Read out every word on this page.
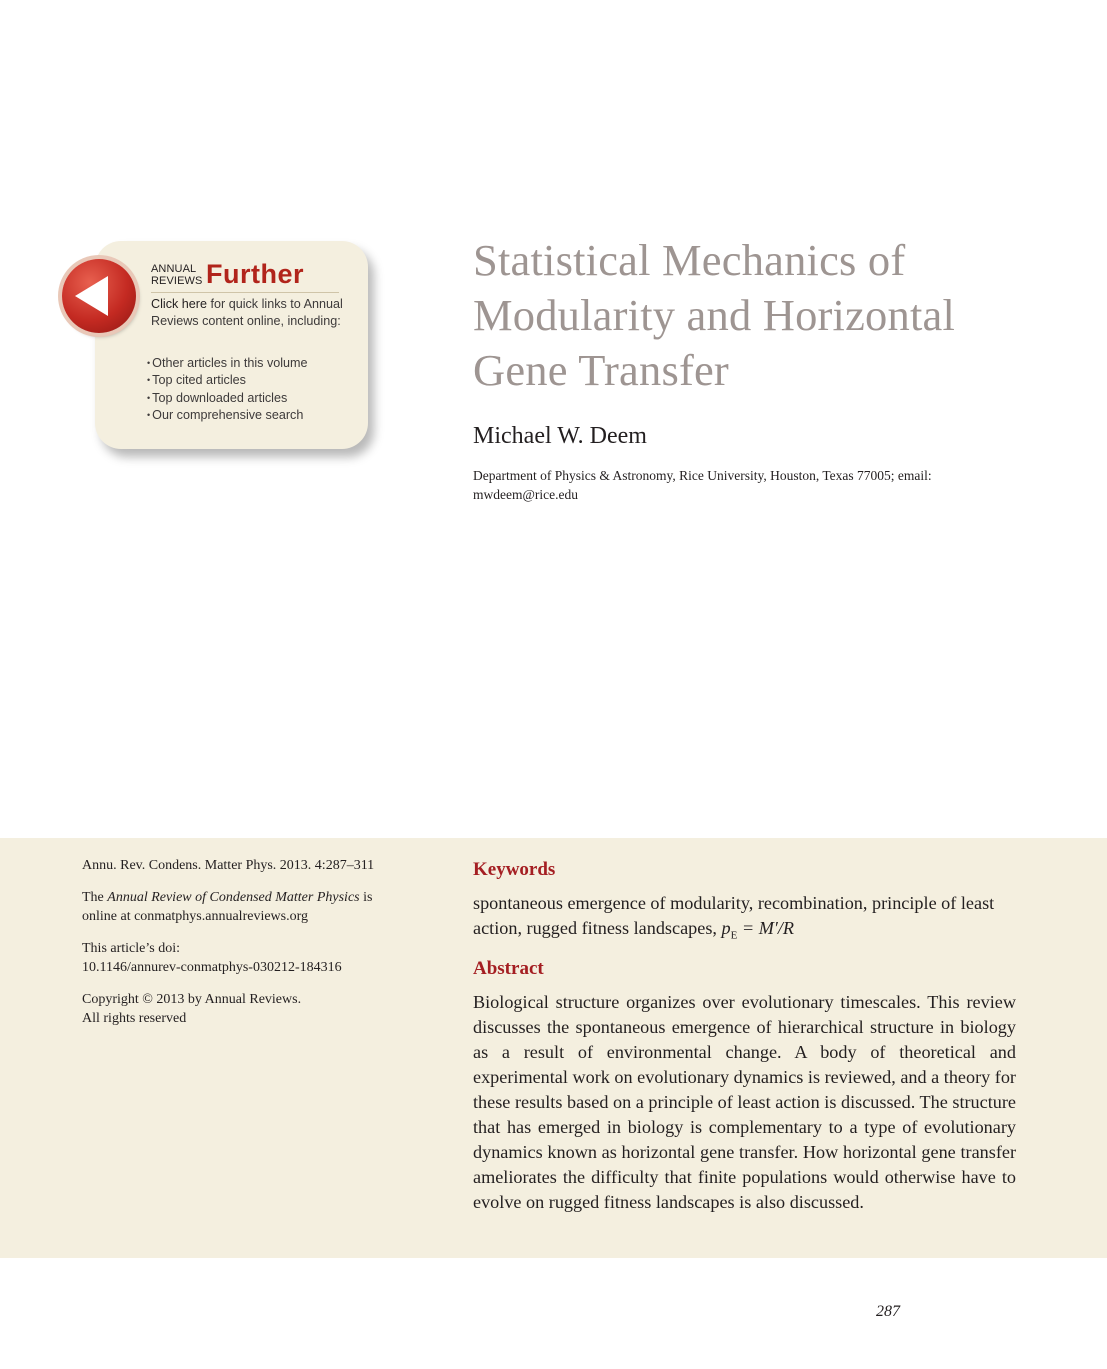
ANNUAL
REVIEWS Further
Click here for quick links to Annual Reviews content online, including:
• Other articles in this volume
• Top cited articles
• Top downloaded articles
• Our comprehensive search
Statistical Mechanics of
Modularity and Horizontal
Gene Transfer
Michael W. Deem
Department of Physics & Astronomy, Rice University, Houston, Texas 77005; email: mwdeem@rice.edu

Annu. Rev. Condens. Matter Phys. 2013. 4:287–311

The Annual Review of Condensed Matter Physics is online at conmatphys.annualreviews.org

This article’s doi:
10.1146/annurev-conmatphys-030212-184316

Copyright © 2013 by Annual Reviews.
All rights reserved

Keywords
spontaneous emergence of modularity, recombination, principle of least action, rugged fitness landscapes, $p_E = M'/R$
Abstract

Biological structure organizes over evolutionary timescales. This review discusses the spontaneous emergence of hierarchical structure in biology as a result of environmental change. A body of theoretical and experimental work on evolutionary dynamics is reviewed, and a theory for these results based on a principle of least action is discussed. The structure that has emerged in biology is complementary to a type of evolutionary dynamics known as horizontal gene transfer. How horizontal gene transfer ameliorates the difficulty that finite populations would otherwise have to evolve on rugged fitness landscapes is also discussed.

287
